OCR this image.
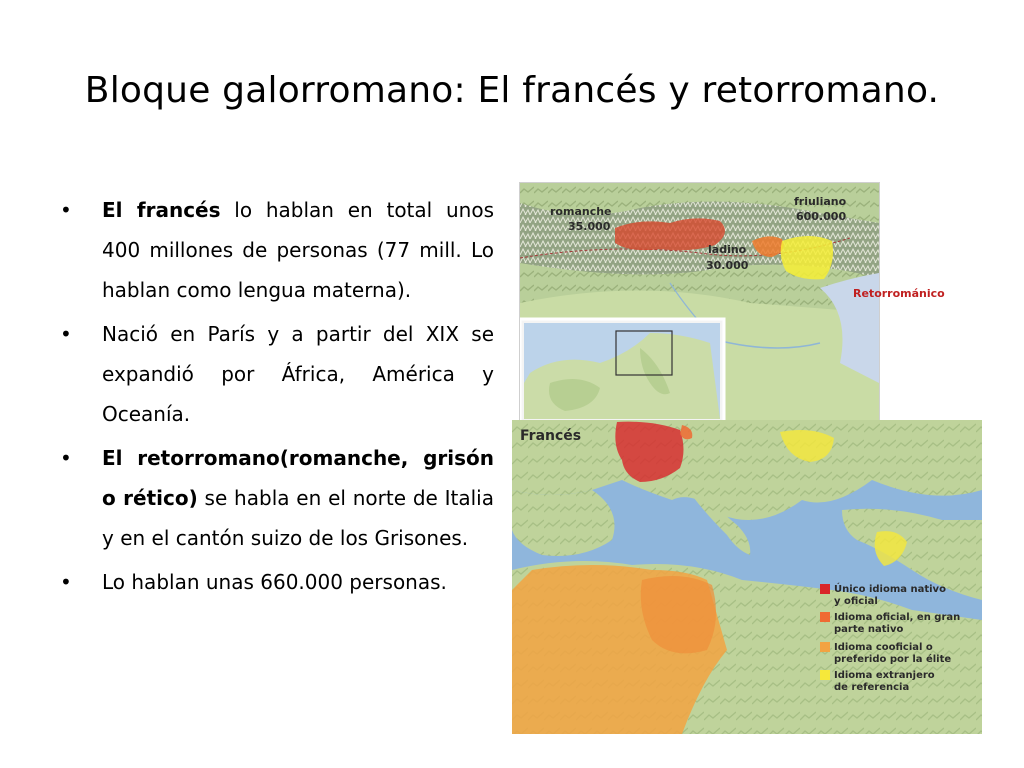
Bloque galorromano: El francés y retorromano.
• El francés lo hablan en total unos 400 millones de personas (77 mill. Lo hablan como lengua materna).
• Nació en París y a partir del XIX se expandió por África, América y Oceanía.
• El retorromano(romanche, grisón o rético) se habla en el norte de Italia y en el cantón suizo de los Grisones.
• Lo hablan unas 660.000 personas.
romanche
35.000
friuliano
600.000
ladino
30.000
Retorrománico
Francés
Único idioma nativo
y oficial
Idioma oficial, en gran
parte nativo
Idioma cooficial o
preferido por la élite
Idioma extranjero
de referencia
